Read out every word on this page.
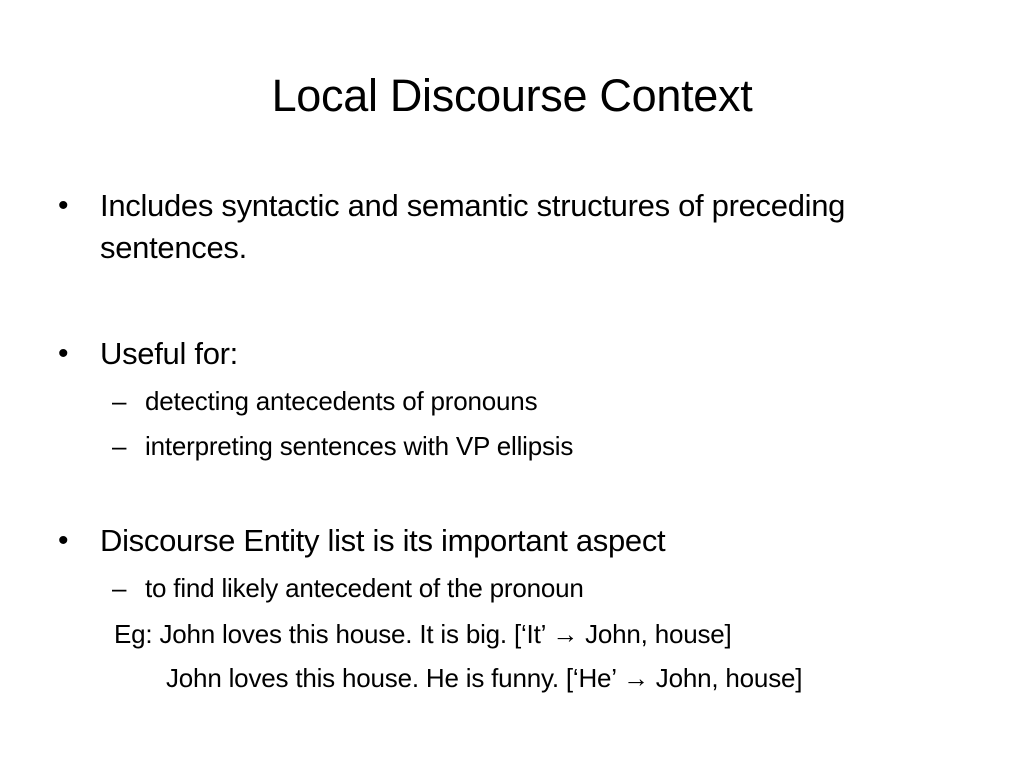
Local Discourse Context
• Includes syntactic and semantic structures of preceding sentences.
• Useful for:
– detecting antecedents of pronouns
– interpreting sentences with VP ellipsis
• Discourse Entity list is its important aspect
– to find likely antecedent of the pronoun
Eg: John loves this house. It is big. [‘It’ → John, house]
John loves this house. He is funny. [‘He’ → John, house]
